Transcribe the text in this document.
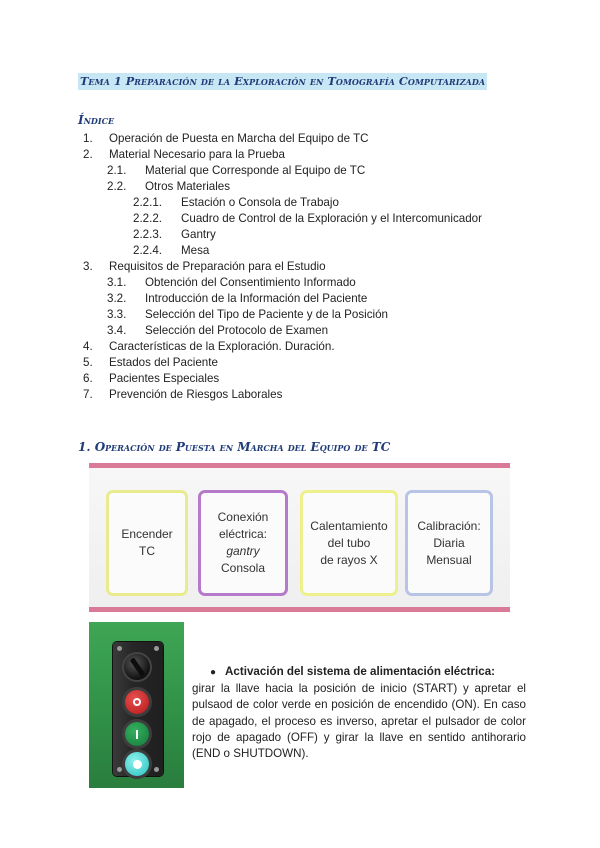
Tema 1 Preparación de la Exploración en Tomografía Computarizada
Índice
1. Operación de Puesta en Marcha del Equipo de TC
2. Material Necesario para la Prueba
2.1. Material que Corresponde al Equipo de TC
2.2. Otros Materiales
2.2.1. Estación o Consola de Trabajo
2.2.2. Cuadro de Control de la Exploración y el Intercomunicador
2.2.3. Gantry
2.2.4. Mesa
3. Requisitos de Preparación para el Estudio
3.1. Obtención del Consentimiento Informado
3.2. Introducción de la Información del Paciente
3.3. Selección del Tipo de Paciente y de la Posición
3.4. Selección del Protocolo de Examen
4. Características de la Exploración. Duración.
5. Estados del Paciente
6. Pacientes Especiales
7. Prevención de Riesgos Laborales
1. Operación de Puesta en Marcha del Equipo de TC
Encender
TC
Conexión
eléctrica:
gantry
Consola
Calentamiento
del tubo
de rayos X
Calibración:
Diaria
Mensual
● Activación del sistema de alimentación eléctrica:
girar la llave hacia la posición de inicio (START) y apretar el pulsaod de color verde en posición de encendido (ON). En caso de apagado, el proceso es inverso, apretar el pulsador de color rojo de apagado (OFF) y girar la llave en sentido antihorario (END o SHUTDOWN).
